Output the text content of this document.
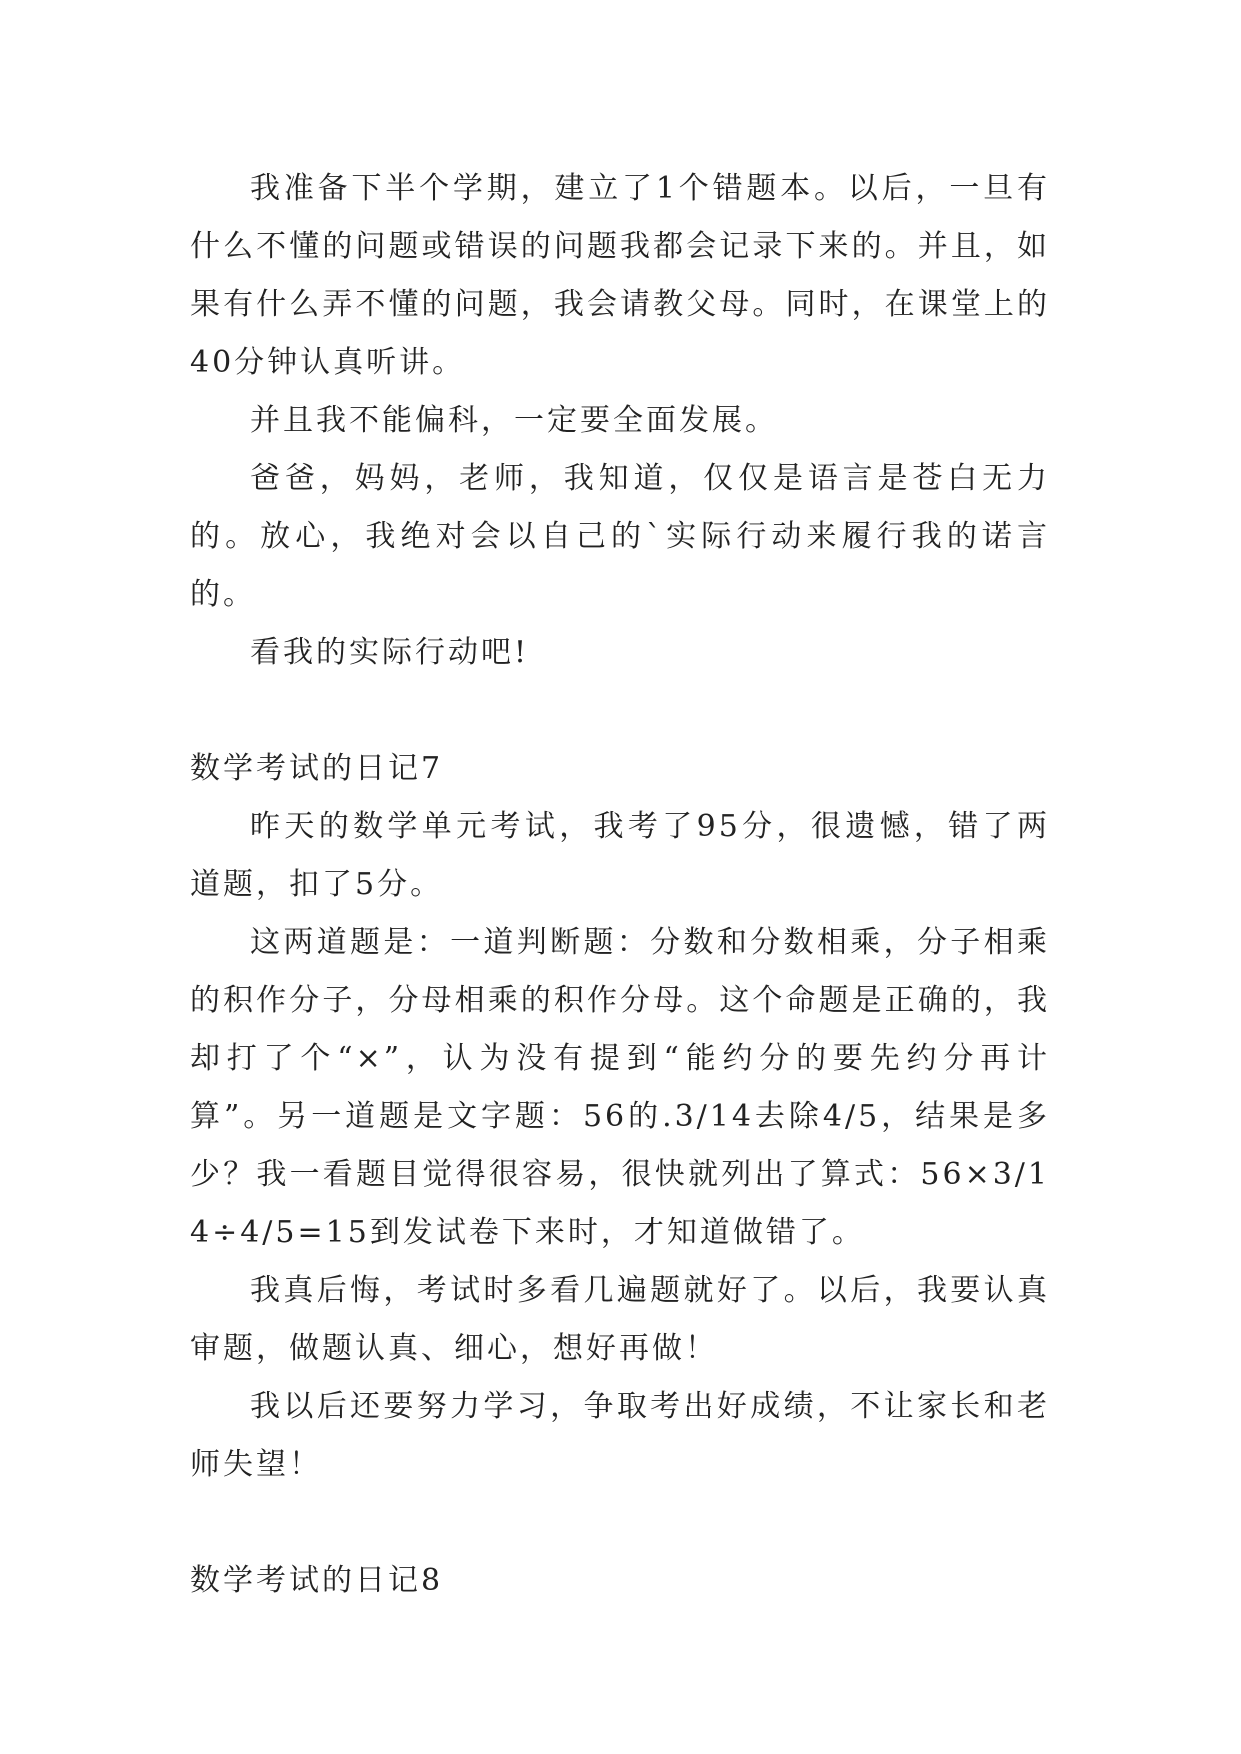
我准备下半个学期，建立了1个错题本。以后，一旦有什么不懂的问题或错误的问题我都会记录下来的。并且，如果有什么弄不懂的问题，我会请教父母。同时，在课堂上的40分钟认真听讲。

并且我不能偏科，一定要全面发展。

爸爸，妈妈，老师，我知道，仅仅是语言是苍白无力的。放心，我绝对会以自己的`实际行动来履行我的诺言的。

看我的实际行动吧!

数学考试的日记7

昨天的数学单元考试，我考了95分，很遗憾，错了两道题，扣了5分。

这两道题是：一道判断题：分数和分数相乘，分子相乘的积作分子，分母相乘的积作分母。这个命题是正确的，我却打了个“×”，认为没有提到“能约分的要先约分再计算”。另一道题是文字题：56的.3/14去除4/5，结果是多少？我一看题目觉得很容易，很快就列出了算式：56×3/14÷4/5=15到发试卷下来时，才知道做错了。

我真后悔，考试时多看几遍题就好了。以后，我要认真审题，做题认真、细心，想好再做！

我以后还要努力学习，争取考出好成绩，不让家长和老师失望！

数学考试的日记8
